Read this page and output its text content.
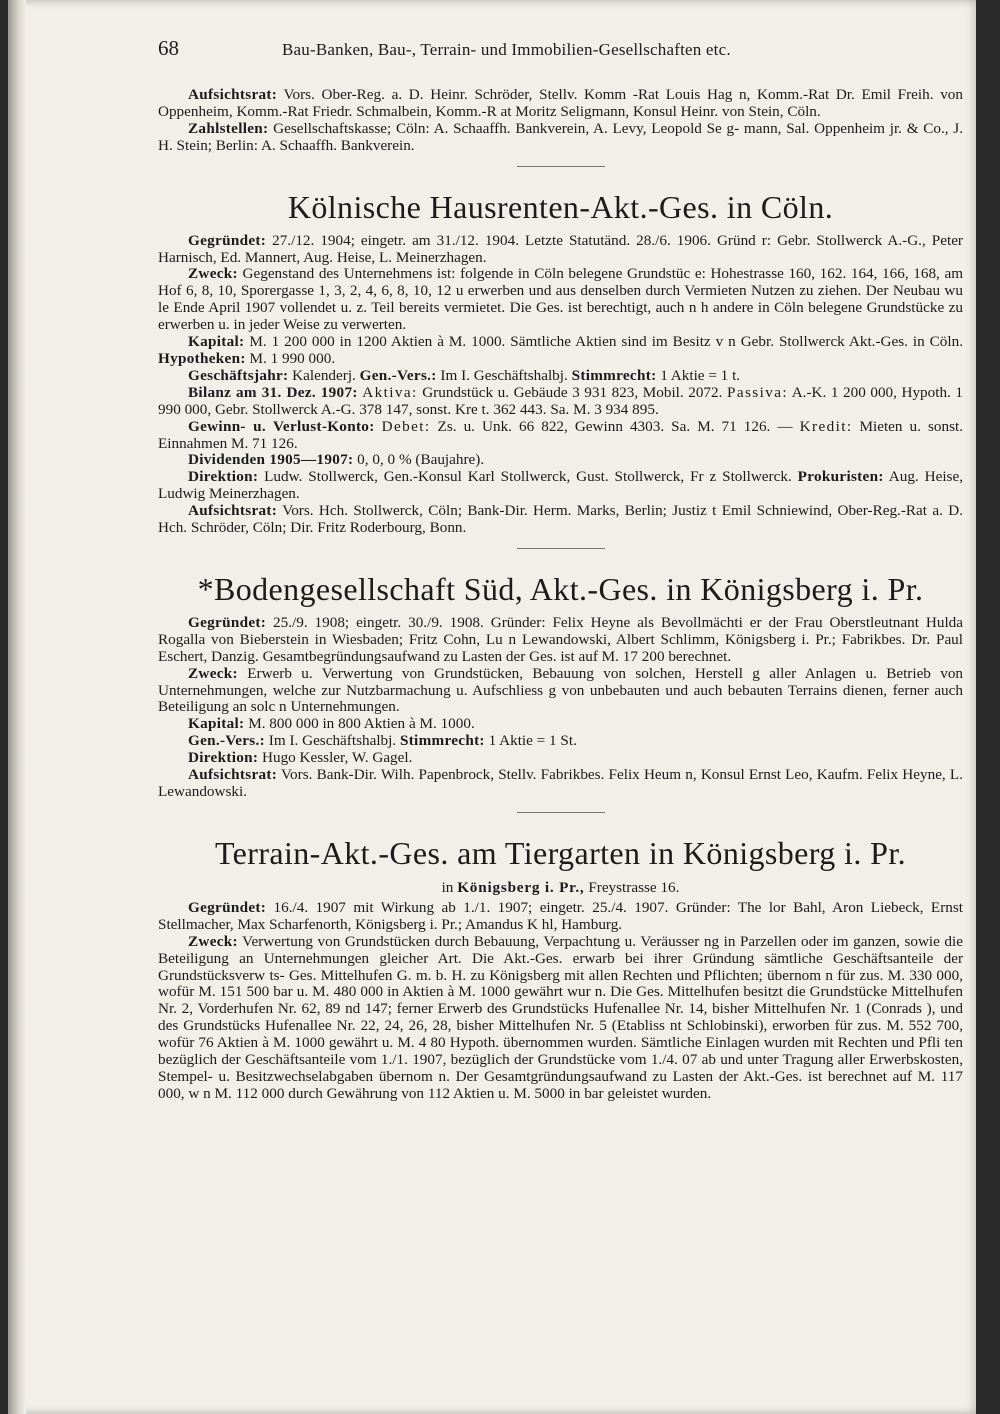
68	Bau-Banken, Bau-, Terrain- und Immobilien-Gesellschaften etc.

Aufsichtsrat: Vors. Ober-Reg. a. D. Heinr. Schröder, Stellv. Komm -Rat Louis Hag n, Komm.-Rat Dr. Emil Freih. von Oppenheim, Komm.-Rat Friedr. Schmalbein, Komm.-R at Moritz Seligmann, Konsul Heinr. von Stein, Cöln.

Zahlstellen: Gesellschaftskasse; Cöln: A. Schaaffh. Bankverein, A. Levy, Leopold Se g- mann, Sal. Oppenheim jr. & Co., J. H. Stein; Berlin: A. Schaaffh. Bankverein.

Kölnische Hausrenten-Akt.-Ges. in Cöln.

Gegründet: 27./12. 1904; eingetr. am 31./12. 1904. Letzte Statutänd. 28./6. 1906. Gründ r: Gebr. Stollwerck A.-G., Peter Harnisch, Ed. Mannert, Aug. Heise, L. Meinerzhagen.

Zweck: Gegenstand des Unternehmens ist: folgende in Cöln belegene Grundstüc e: Hohestrasse 160, 162. 164, 166, 168, am Hof 6, 8, 10, Sporergasse 1, 3, 2, 4, 6, 8, 10, 12 u erwerben und aus denselben durch Vermieten Nutzen zu ziehen. Der Neubau wu le Ende April 1907 vollendet u. z. Teil bereits vermietet. Die Ges. ist berechtigt, auch n h andere in Cöln belegene Grundstücke zu erwerben u. in jeder Weise zu verwerten.

Kapital: M. 1 200 000 in 1200 Aktien à M. 1000. Sämtliche Aktien sind im Besitz v n Gebr. Stollwerck Akt.-Ges. in Cöln. Hypotheken: M. 1 990 000.

Geschäftsjahr: Kalenderj. Gen.-Vers.: Im I. Geschäftshalbj. Stimmrecht: 1 Aktie = 1 t.

Bilanz am 31. Dez. 1907: Aktiva: Grundstück u. Gebäude 3 931 823, Mobil. 2072. Passiva: A.-K. 1 200 000, Hypoth. 1 990 000, Gebr. Stollwerck A.-G. 378 147, sonst. Kre t. 362 443. Sa. M. 3 934 895.

Gewinn- u. Verlust-Konto: Debet: Zs. u. Unk. 66 822, Gewinn 4303. Sa. M. 71 126. — Kredit: Mieten u. sonst. Einnahmen M. 71 126.

Dividenden 1905—1907: 0, 0, 0 % (Baujahre).

Direktion: Ludw. Stollwerck, Gen.-Konsul Karl Stollwerck, Gust. Stollwerck, Fr z Stollwerck. Prokuristen: Aug. Heise, Ludwig Meinerzhagen.

Aufsichtsrat: Vors. Hch. Stollwerck, Cöln; Bank-Dir. Herm. Marks, Berlin; Justiz t Emil Schniewind, Ober-Reg.-Rat a. D. Hch. Schröder, Cöln; Dir. Fritz Roderbourg, Bonn.

*Bodengesellschaft Süd, Akt.-Ges. in Königsberg i. Pr.

Gegründet: 25./9. 1908; eingetr. 30./9. 1908. Gründer: Felix Heyne als Bevollmächti er der Frau Oberstleutnant Hulda Rogalla von Bieberstein in Wiesbaden; Fritz Cohn, Lu n Lewandowski, Albert Schlimm, Königsberg i. Pr.; Fabrikbes. Dr. Paul Eschert, Danzig. Gesamtbegründungsaufwand zu Lasten der Ges. ist auf M. 17 200 berechnet.

Zweck: Erwerb u. Verwertung von Grundstücken, Bebauung von solchen, Herstell g aller Anlagen u. Betrieb von Unternehmungen, welche zur Nutzbarmachung u. Aufschliess g von unbebauten und auch bebauten Terrains dienen, ferner auch Beteiligung an solc n Unternehmungen.

Kapital: M. 800 000 in 800 Aktien à M. 1000.

Gen.-Vers.: Im I. Geschäftshalbj. Stimmrecht: 1 Aktie = 1 St.

Direktion: Hugo Kessler, W. Gagel.

Aufsichtsrat: Vors. Bank-Dir. Wilh. Papenbrock, Stellv. Fabrikbes. Felix Heum n, Konsul Ernst Leo, Kaufm. Felix Heyne, L. Lewandowski.

Terrain-Akt.-Ges. am Tiergarten in Königsberg i. Pr.
in Königsberg i. Pr., Freystrasse 16.

Gegründet: 16./4. 1907 mit Wirkung ab 1./1. 1907; eingetr. 25./4. 1907. Gründer: The lor Bahl, Aron Liebeck, Ernst Stellmacher, Max Scharfenorth, Königsberg i. Pr.; Amandus K hl, Hamburg.

Zweck: Verwertung von Grundstücken durch Bebauung, Verpachtung u. Veräusser ng in Parzellen oder im ganzen, sowie die Beteiligung an Unternehmungen gleicher Art. Die Akt.-Ges. erwarb bei ihrer Gründung sämtliche Geschäftsanteile der Grundstücksverw ts- Ges. Mittelhufen G. m. b. H. zu Königsberg mit allen Rechten und Pflichten; übernom n für zus. M. 330 000, wofür M. 151 500 bar u. M. 480 000 in Aktien à M. 1000 gewährt wur n. Die Ges. Mittelhufen besitzt die Grundstücke Mittelhufen Nr. 2, Vorderhufen Nr. 62, 89 nd 147; ferner Erwerb des Grundstücks Hufenallee Nr. 14, bisher Mittelhufen Nr. 1 (Conrads ), und des Grundstücks Hufenallee Nr. 22, 24, 26, 28, bisher Mittelhufen Nr. 5 (Etabliss nt Schlobinski), erworben für zus. M. 552 700, wofür 76 Aktien à M. 1000 gewährt u. M. 4 80 Hypoth. übernommen wurden. Sämtliche Einlagen wurden mit Rechten und Pfli ten bezüglich der Geschäftsanteile vom 1./1. 1907, bezüglich der Grundstücke vom 1./4. 07 ab und unter Tragung aller Erwerbskosten, Stempel- u. Besitzwechselabgaben übernom n. Der Gesamtgründungsaufwand zu Lasten der Akt.-Ges. ist berechnet auf M. 117 000, w n M. 112 000 durch Gewährung von 112 Aktien u. M. 5000 in bar geleistet wurden.
